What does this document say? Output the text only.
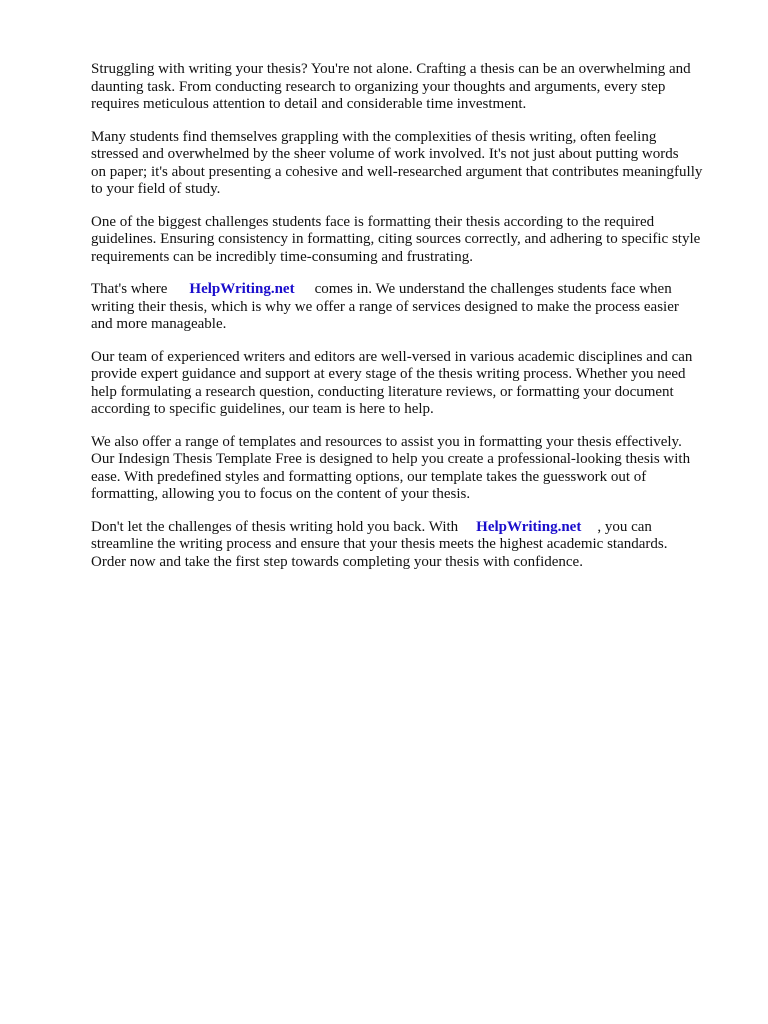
Struggling with writing your thesis? You're not alone. Crafting a thesis can be an overwhelming and
daunting task. From conducting research to organizing your thoughts and arguments, every step
requires meticulous attention to detail and considerable time investment.

Many students find themselves grappling with the complexities of thesis writing, often feeling
stressed and overwhelmed by the sheer volume of work involved. It's not just about putting words
on paper; it's about presenting a cohesive and well-researched argument that contributes meaningfully
to your field of study.

One of the biggest challenges students face is formatting their thesis according to the required
guidelines. Ensuring consistency in formatting, citing sources correctly, and adhering to specific style
requirements can be incredibly time-consuming and frustrating.

That's where HelpWriting.net comes in. We understand the challenges students face when
writing their thesis, which is why we offer a range of services designed to make the process easier
and more manageable.

Our team of experienced writers and editors are well-versed in various academic disciplines and can
provide expert guidance and support at every stage of the thesis writing process. Whether you need
help formulating a research question, conducting literature reviews, or formatting your document
according to specific guidelines, our team is here to help.

We also offer a range of templates and resources to assist you in formatting your thesis effectively.
Our Indesign Thesis Template Free is designed to help you create a professional-looking thesis with
ease. With predefined styles and formatting options, our template takes the guesswork out of
formatting, allowing you to focus on the content of your thesis.

Don't let the challenges of thesis writing hold you back. With HelpWriting.net , you can
streamline the writing process and ensure that your thesis meets the highest academic standards.
Order now and take the first step towards completing your thesis with confidence.
